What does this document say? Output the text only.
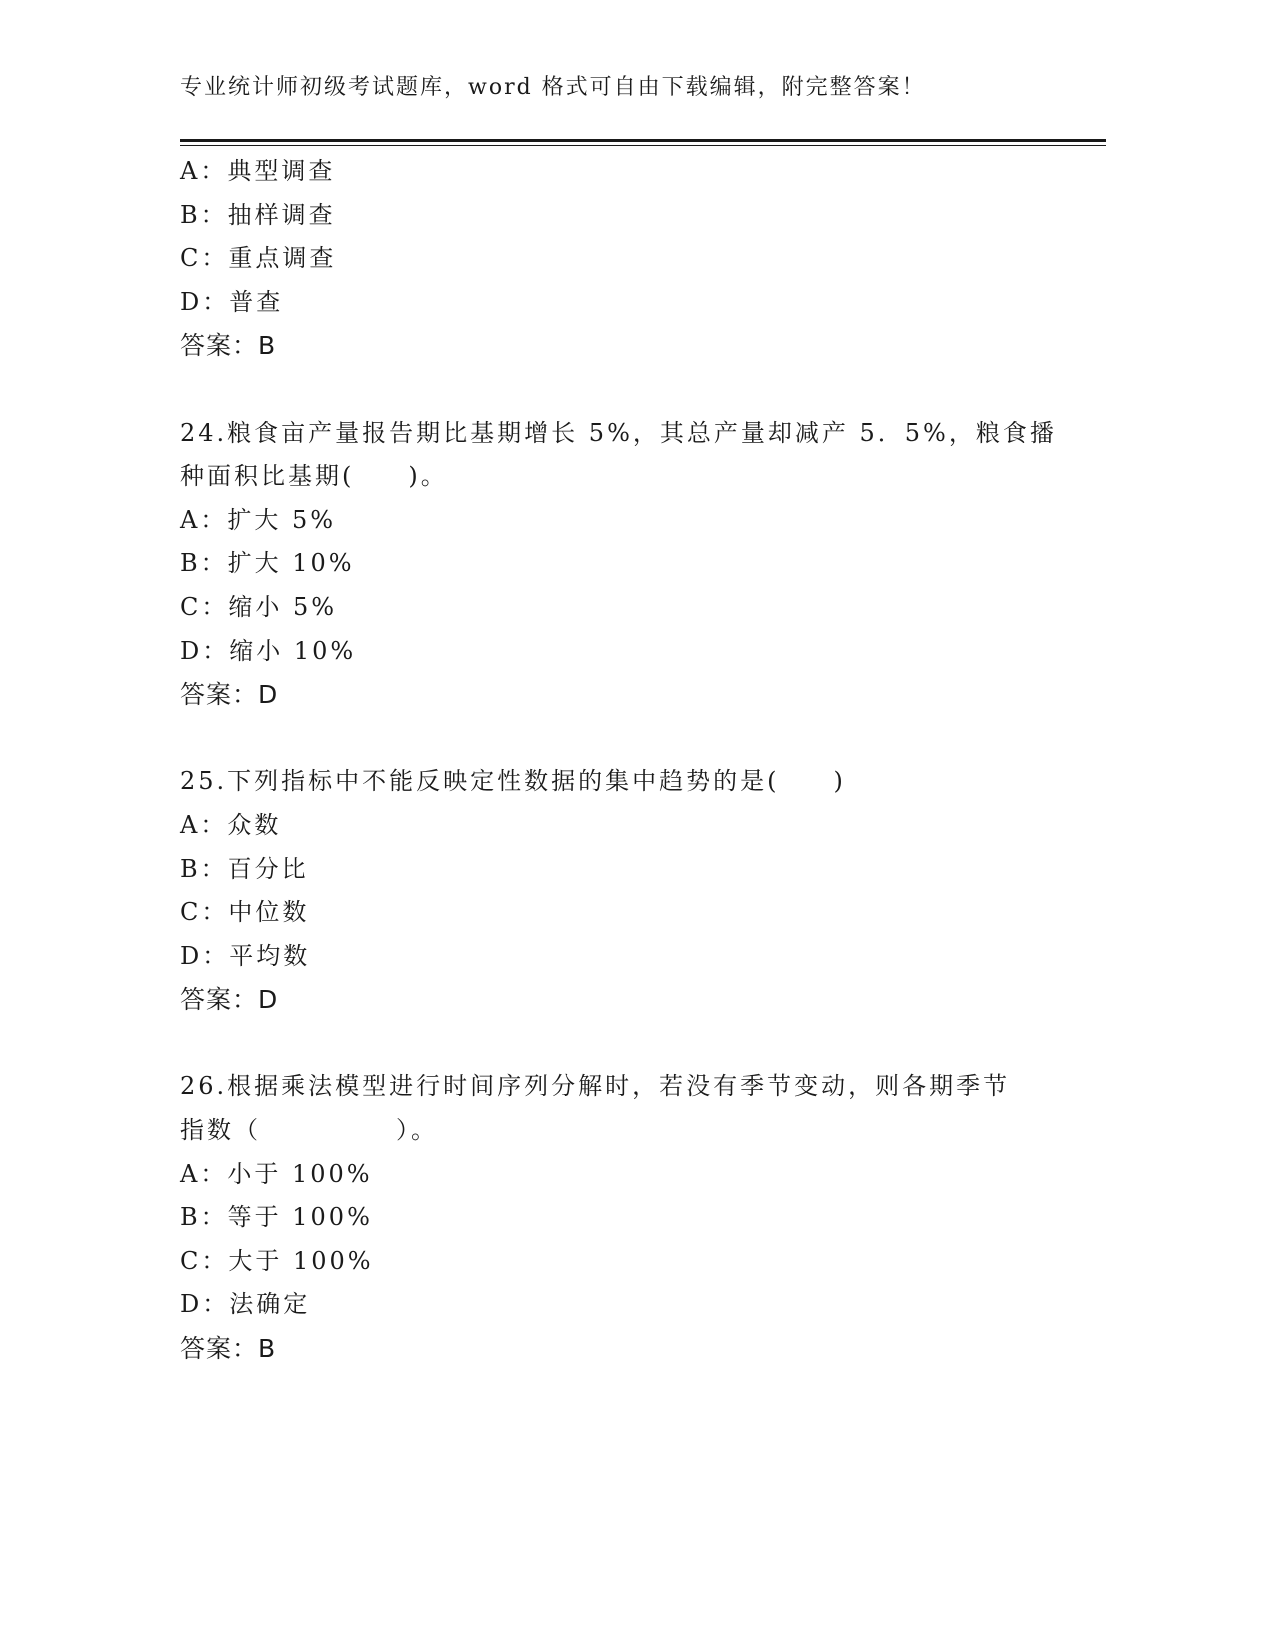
专业统计师初级考试题库，word 格式可自由下载编辑，附完整答案！
A：典型调查
B：抽样调查
C：重点调查
D：普查
答案：B
24.粮食亩产量报告期比基期增长 5%，其总产量却减产 5．5%，粮食播
种面积比基期(　　)。
A：扩大 5%
B：扩大 10%
C：缩小 5%
D：缩小 10%
答案：D
25.下列指标中不能反映定性数据的集中趋势的是(　　)
A：众数
B：百分比
C：中位数
D：平均数
答案：D
26.根据乘法模型进行时间序列分解时，若没有季节变动，则各期季节
指数（　　　　　）。
A：小于 100%
B：等于 100%
C：大于 100%
D：法确定
答案：B
